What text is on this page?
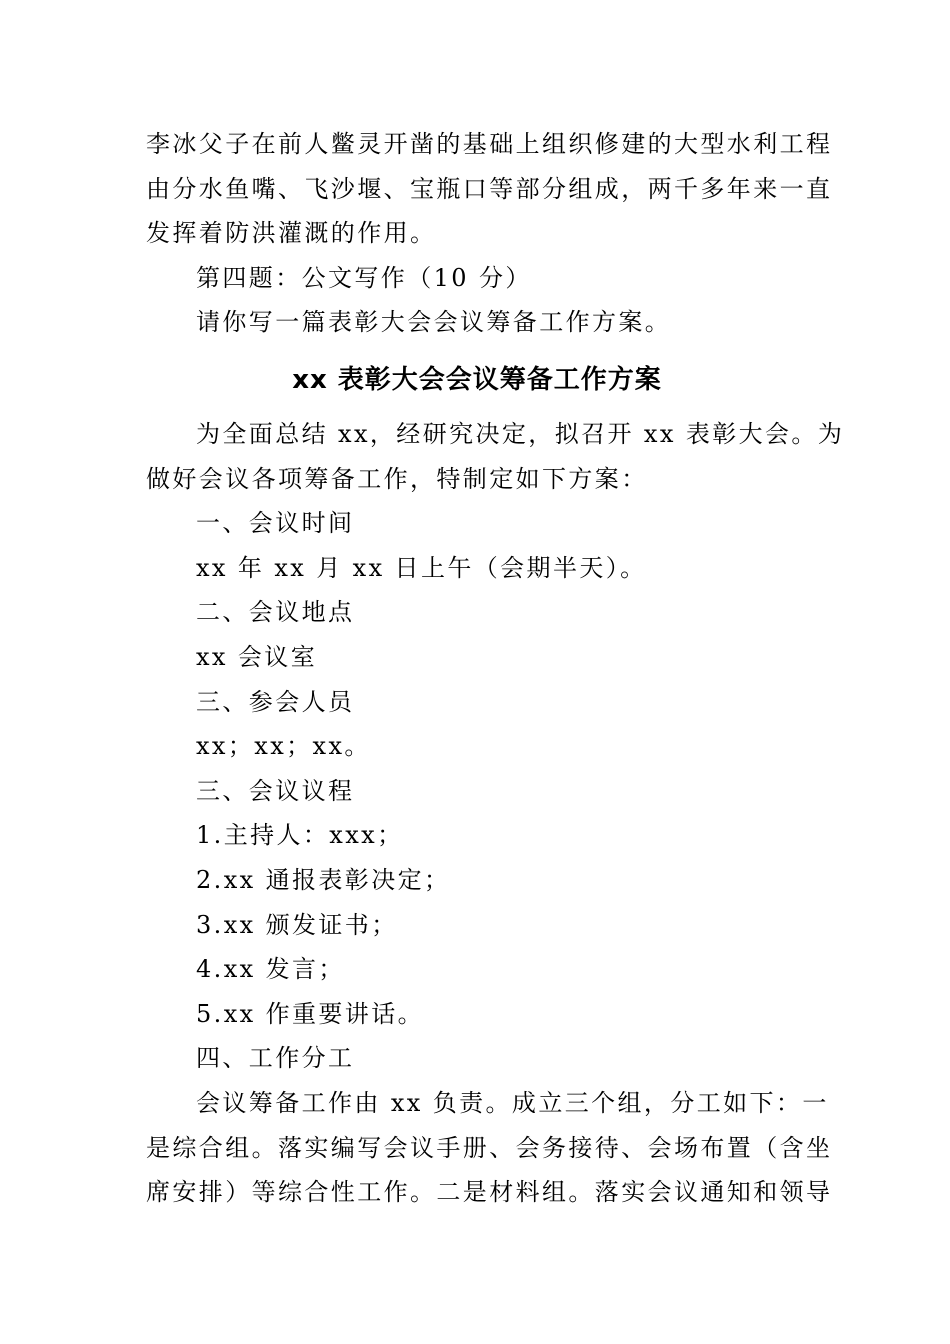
李冰父子在前人鳖灵开凿的基础上组织修建的大型水利工程
由分水鱼嘴、飞沙堰、宝瓶口等部分组成，两千多年来一直
发挥着防洪灌溉的作用。
第四题：公文写作（10 分）
请你写一篇表彰大会会议筹备工作方案。
xx 表彰大会会议筹备工作方案
为全面总结 xx，经研究决定，拟召开 xx 表彰大会。为
做好会议各项筹备工作，特制定如下方案：
一、会议时间
xx 年 xx 月 xx 日上午（会期半天）。
二、会议地点
xx 会议室
三、参会人员
xx；xx；xx。
三、会议议程
1.主持人：xxx；
2.xx 通报表彰决定；
3.xx 颁发证书；
4.xx 发言；
5.xx 作重要讲话。
四、工作分工
会议筹备工作由 xx 负责。成立三个组，分工如下：一
是综合组。落实编写会议手册、会务接待、会场布置（含坐
席安排）等综合性工作。二是材料组。落实会议通知和领导
